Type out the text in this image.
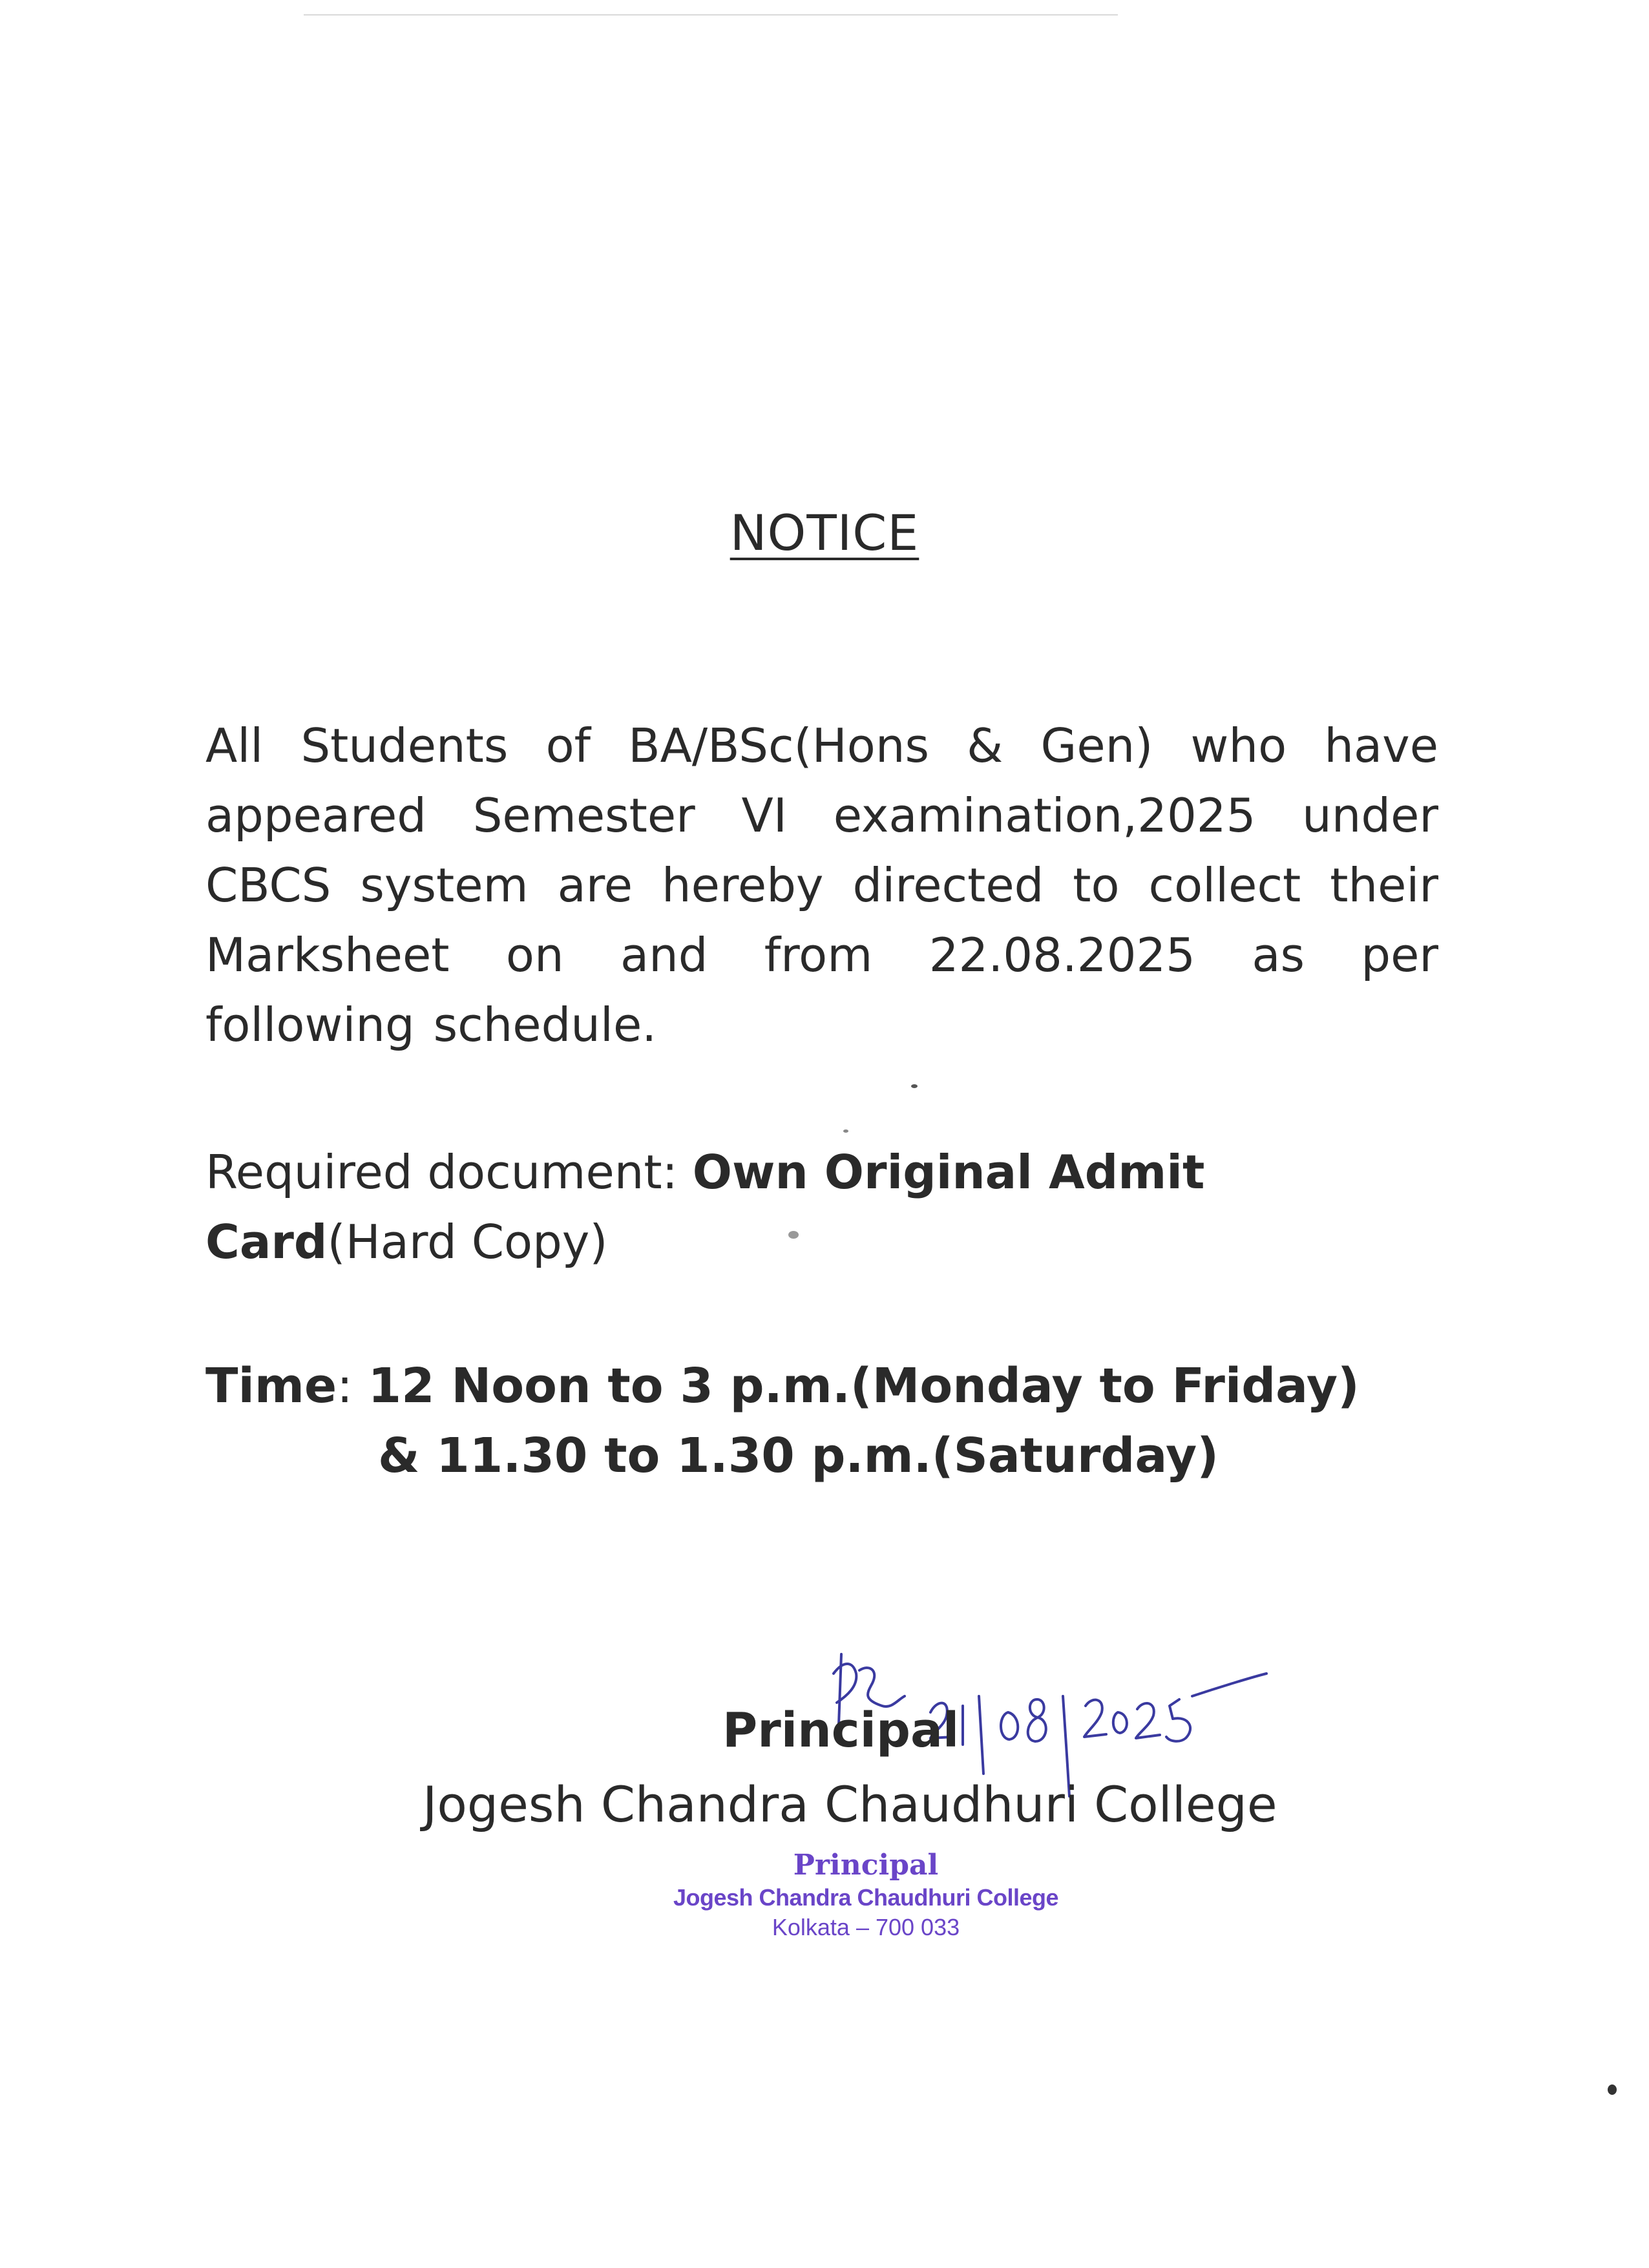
NOTICE
All Students of BA/BSc(Hons & Gen) who have appeared Semester VI examination,2025 under CBCS system are hereby directed to collect their Marksheet on and from 22.08.2025 as per following schedule.
Required document: Own Original Admit Card(Hard Copy)
Time: 12 Noon to 3 p.m.(Monday to Friday)
& 11.30 to 1.30 p.m.(Saturday)
Principal
Jogesh Chandra Chaudhuri College
Principal
Jogesh Chandra Chaudhuri College
Kolkata – 700 033
